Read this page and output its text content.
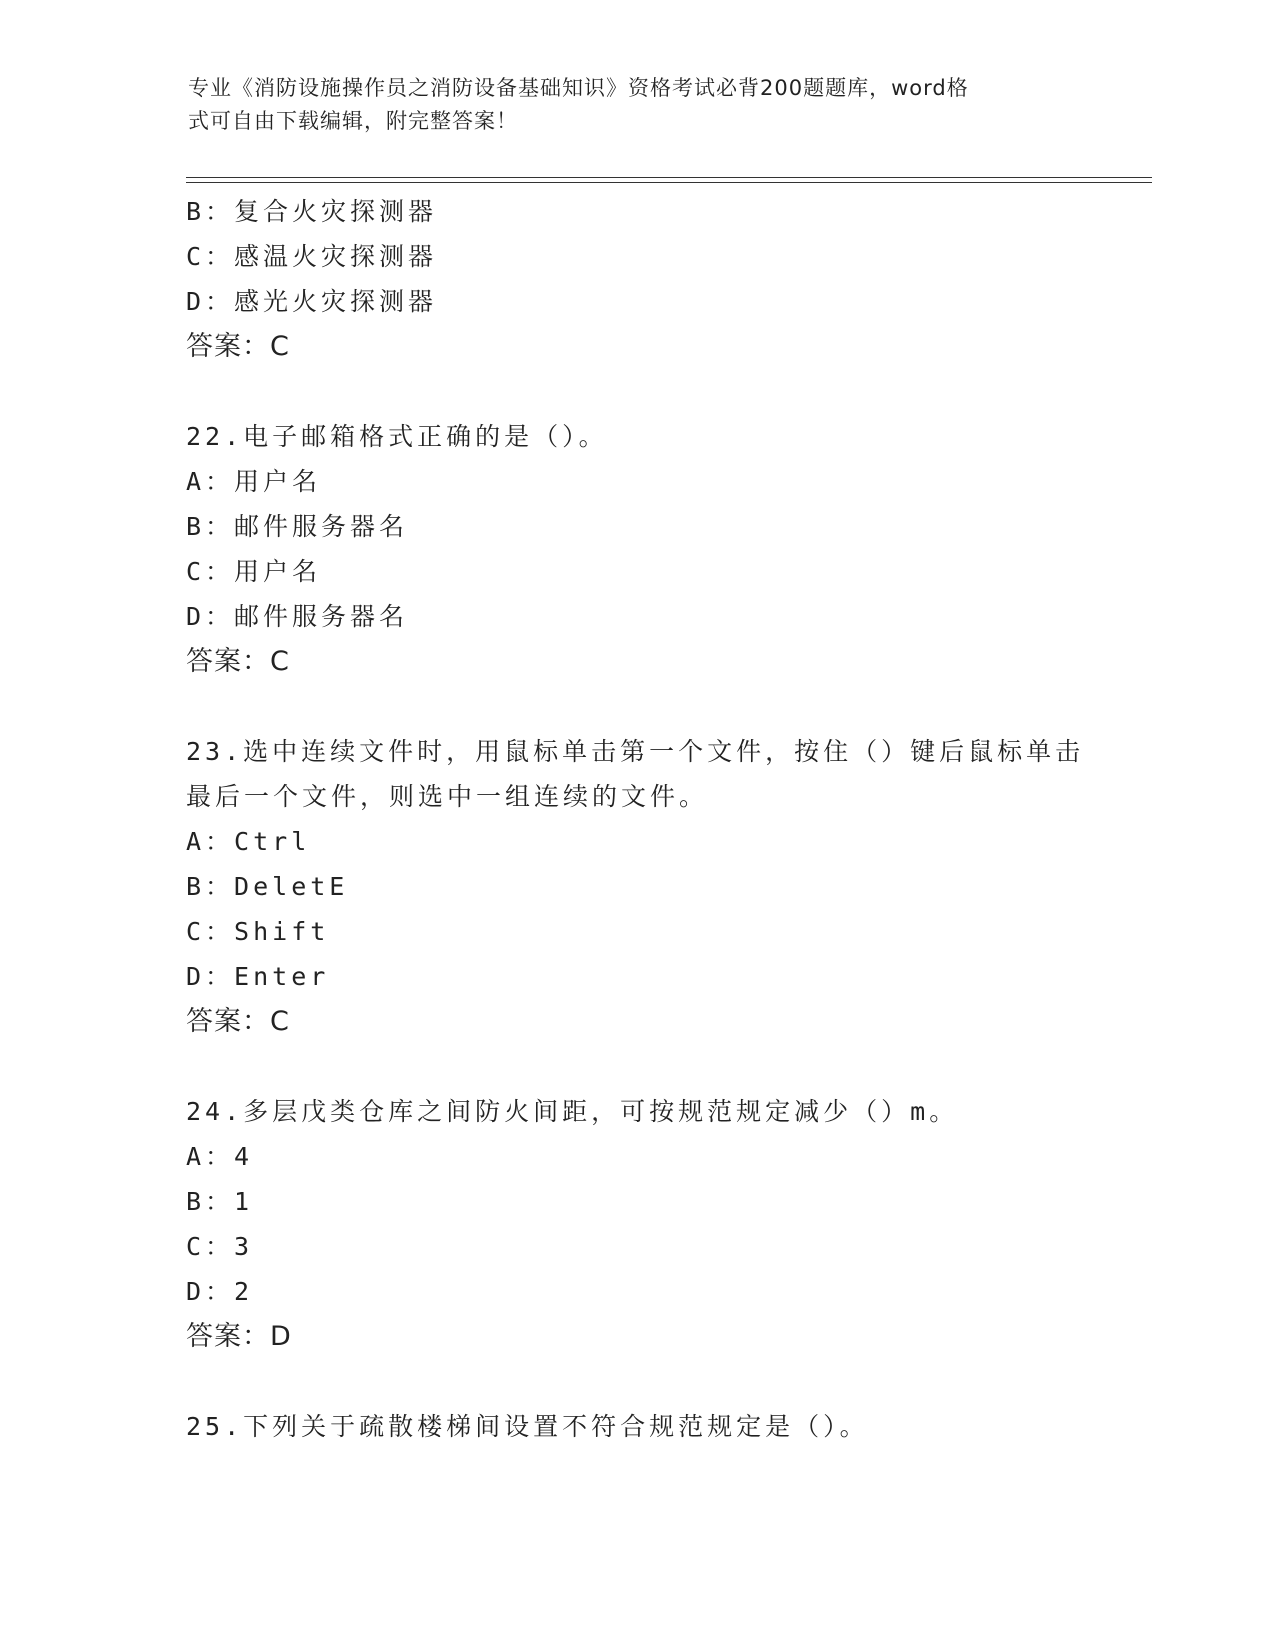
专业《消防设施操作员之消防设备基础知识》资格考试必背200题题库，word格
式可自由下载编辑，附完整答案！
B：复合火灾探测器
C：感温火灾探测器
D：感光火灾探测器
答案：C
22.电子邮箱格式正确的是（）。
A：用户名
B：邮件服务器名
C：用户名
D：邮件服务器名
答案：C
23.选中连续文件时，用鼠标单击第一个文件，按住（）键后鼠标单击
最后一个文件，则选中一组连续的文件。
A：Ctrl
B：DeletE
C：Shift
D：Enter
答案：C
24.多层戊类仓库之间防火间距，可按规范规定减少（）m。
A：4
B：1
C：3
D：2
答案：D
25.下列关于疏散楼梯间设置不符合规范规定是（）。
